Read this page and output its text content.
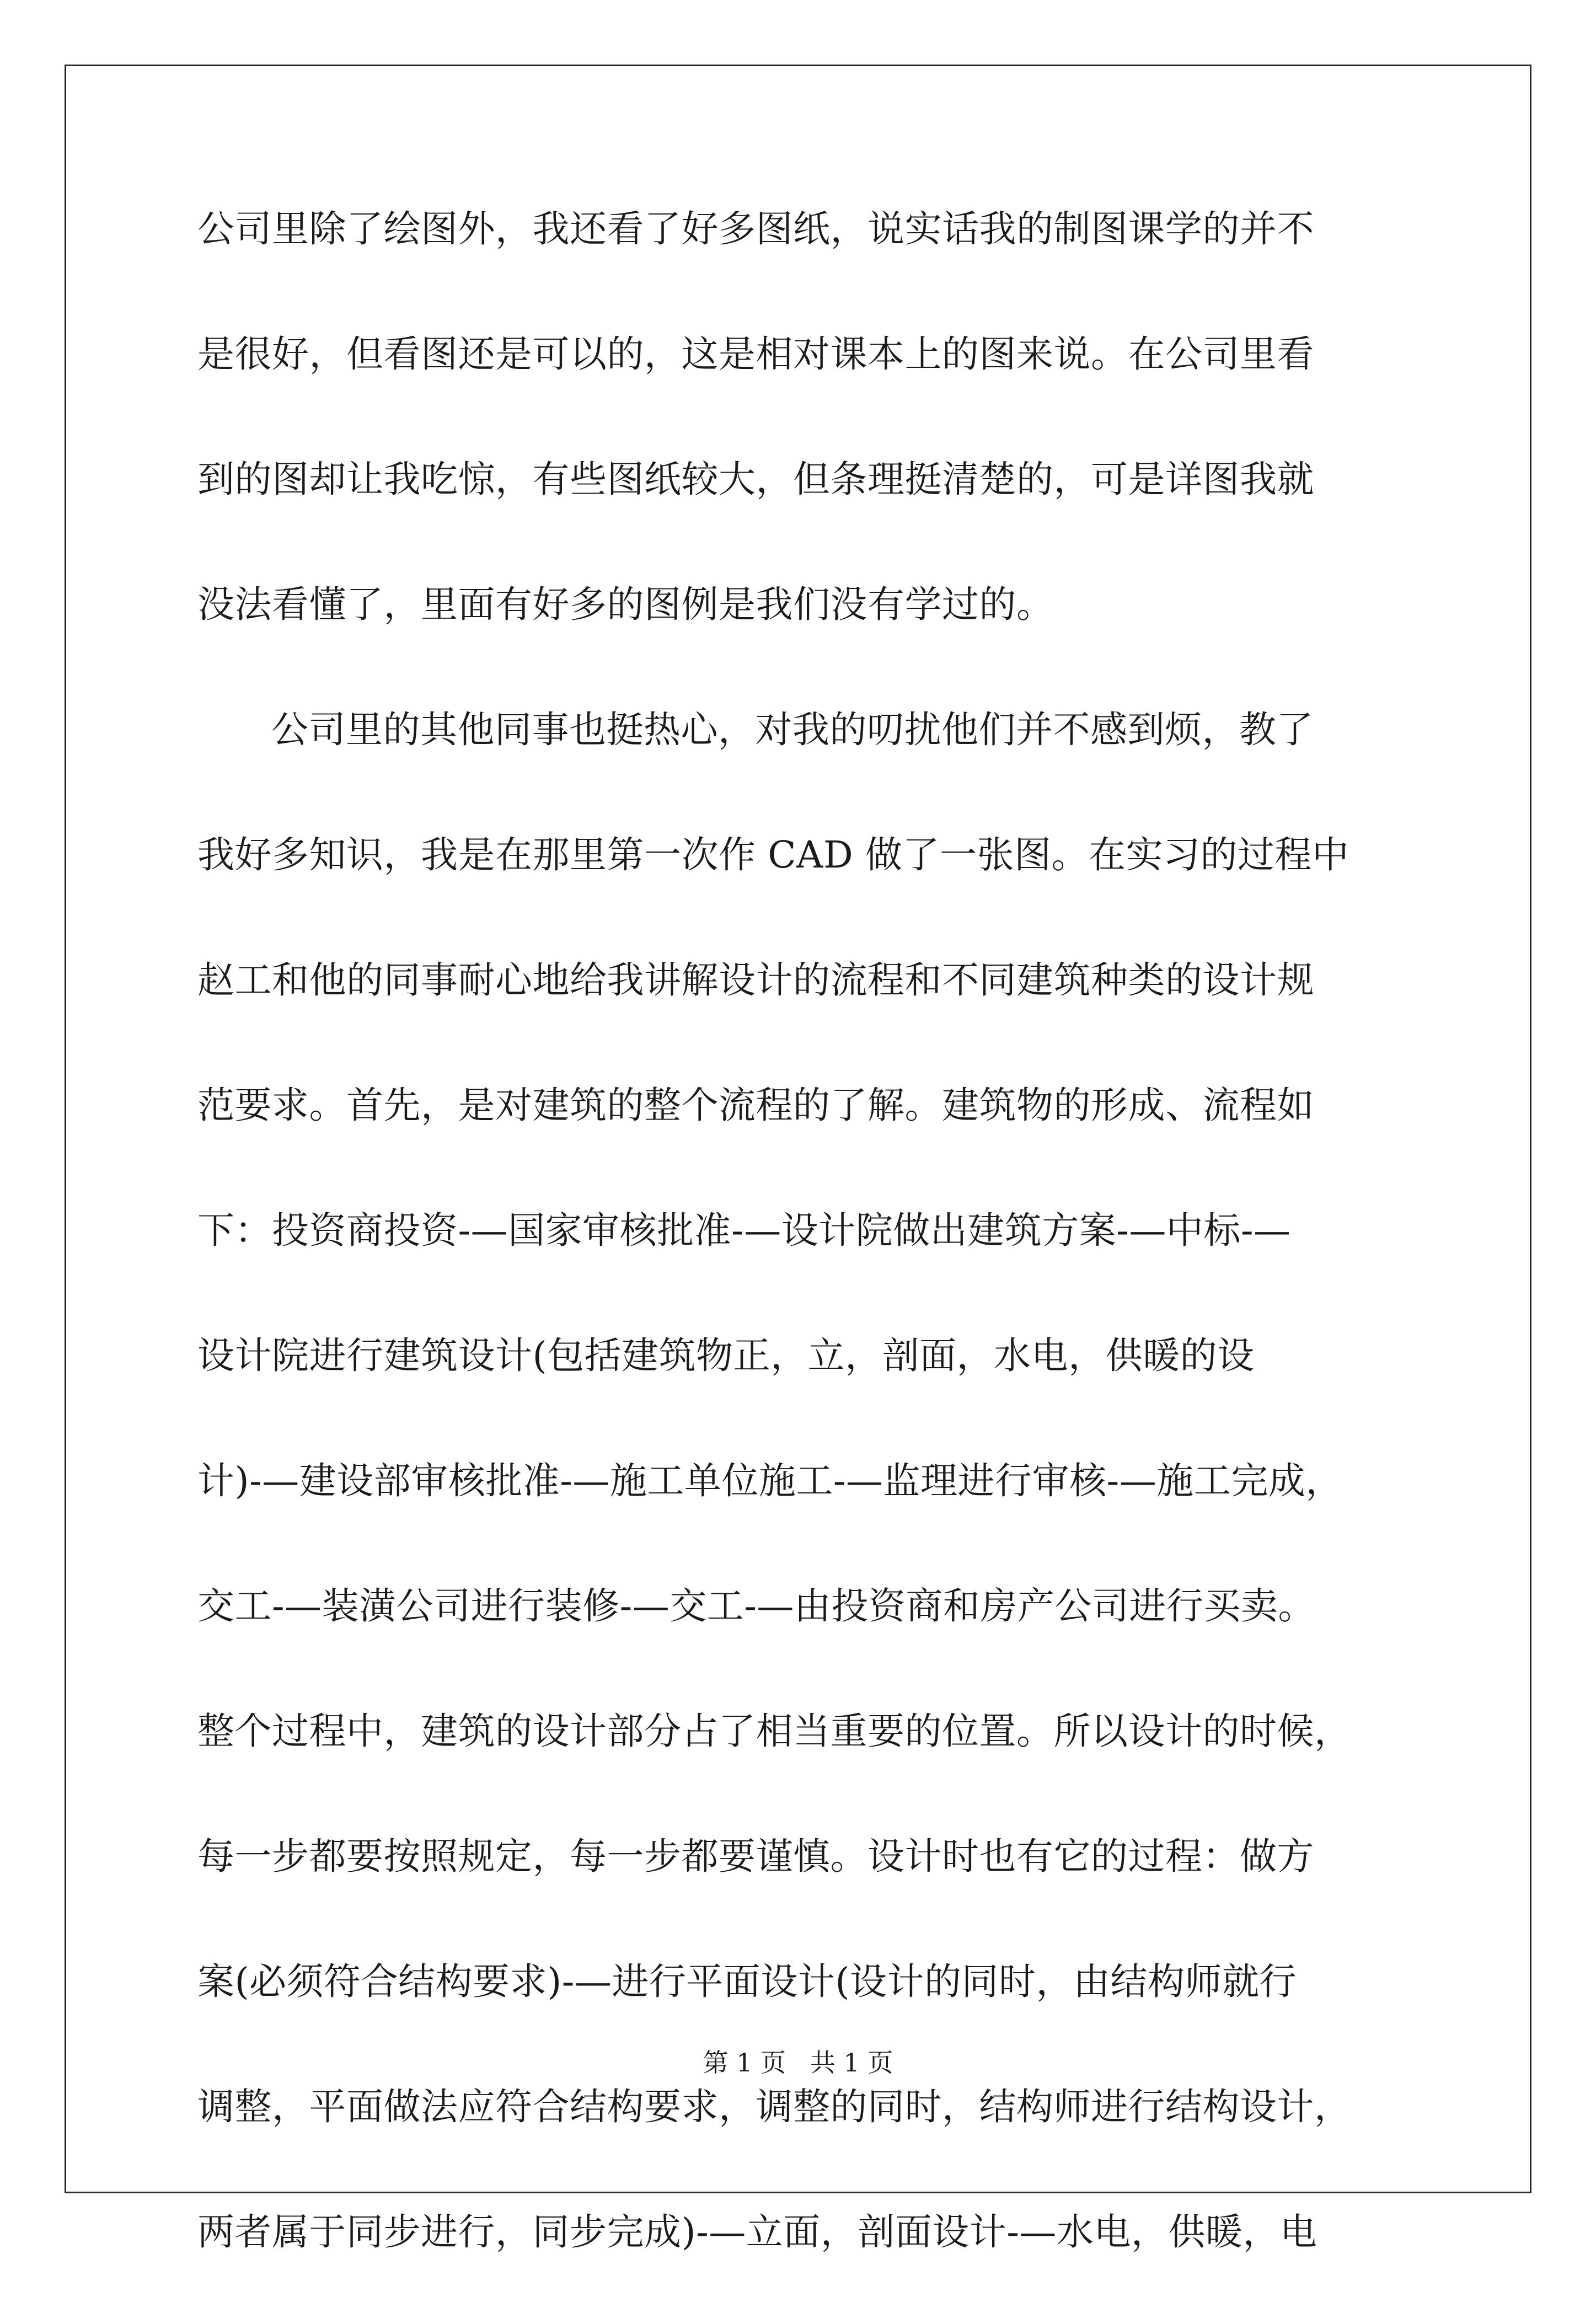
公司里除了绘图外，我还看了好多图纸，说实话我的制图课学的并不
是很好，但看图还是可以的，这是相对课本上的图来说。在公司里看
到的图却让我吃惊，有些图纸较大，但条理挺清楚的，可是详图我就
没法看懂了，里面有好多的图例是我们没有学过的。
公司里的其他同事也挺热心，对我的叨扰他们并不感到烦，教了
我好多知识，我是在那里第一次作 CAD 做了一张图。在实习的过程中
赵工和他的同事耐心地给我讲解设计的流程和不同建筑种类的设计规
范要求。首先，是对建筑的整个流程的了解。建筑物的形成、流程如
下：投资商投资-—国家审核批准-—设计院做出建筑方案-—中标-—
设计院进行建筑设计(包括建筑物正，立，剖面，水电，供暖的设
计)-—建设部审核批准-—施工单位施工-—监理进行审核-—施工完成，
交工-—装潢公司进行装修-—交工-—由投资商和房产公司进行买卖。
整个过程中，建筑的设计部分占了相当重要的位置。所以设计的时候，
每一步都要按照规定，每一步都要谨慎。设计时也有它的过程：做方
案(必须符合结构要求)-—进行平面设计(设计的同时，由结构师就行
调整，平面做法应符合结构要求，调整的同时，结构师进行结构设计，
两者属于同步进行，同步完成)-—立面，剖面设计-—水电，供暖，电
第 1 页   共 1 页
